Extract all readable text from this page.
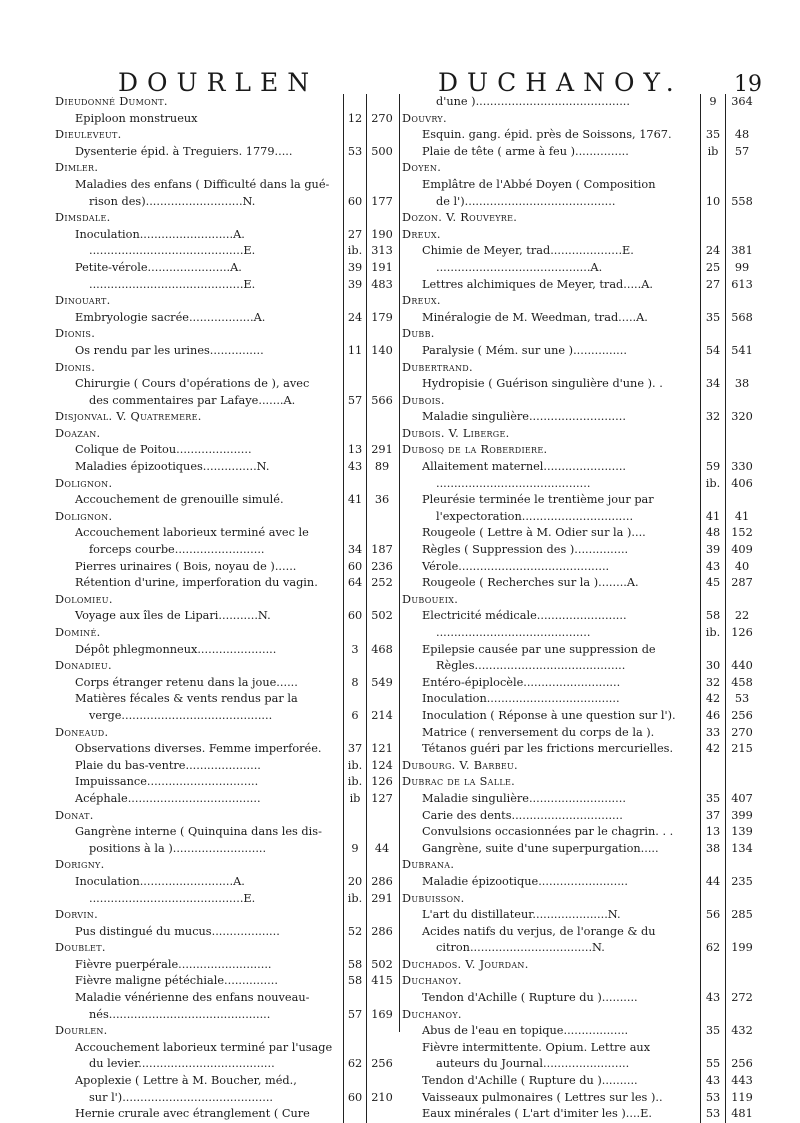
DOURLEN	DUCHANOY. 19
Dieudonné Dumont.
Epiploon monstrueux	12 270
Dieuleveut.
Dysenterie épid. à Treguiers. 1779.....	53 500
Dimler.
Maladies des enfans ( Difficulté dans la gué-
rison des)...........................N.	60 177
Dimsdale.
Inoculation..........................A.	27 190
...........................................E.	ib. 313
Petite-vérole.......................A.	39 191
...........................................E.	39 483
Dinouart.
Embryologie sacrée..................A.	24 179
Dionis.
Os rendu par les urines...............	11 140
Dionis.
Chirurgie ( Cours d'opérations de ), avec
des commentaires par Lafaye.......A.	57 566
Disjonval. V. Quatremere.
Doazan.
Colique de Poitou.....................	13 291
Maladies épizootiques...............N.	43	89
Dolignon.
Accouchement de grenouille simulé.	41	36
Dolignon.
Accouchement laborieux terminé avec le
forceps courbe.........................	34 187
Pierres urinaires ( Bois, noyau de )......	60 236
Rétention d'urine, imperforation du vagin.	64 252
Dolomieu.
Voyage aux îles de Lipari...........N.	60 502
Dominé.
Dépôt phlegmonneux......................	3	468
Donadieu.
Corps étranger retenu dans la joue......	8	549
Matières fécales & vents rendus par la
verge..........................................	6	214
Doneaud.
Observations diverses. Femme imperforée.	37 121
Plaie du bas-ventre.....................	ib. 124
Impuissance...............................	ib. 126
Acéphale.....................................	ib 127
Donat.
Gangrène interne ( Quinquina dans les dis-
positions à la )..........................	9	44
Dorigny.
Inoculation..........................A.	20 286
...........................................E.	ib. 291
Dorvin.
Pus distingué du mucus...................	52 286
Doublet.
Fièvre puerpérale..........................	58 502
Fièvre maligne pétéchiale...............	58 415
Maladie vénérienne des enfans nouveau-
nés.............................................	57 169
Dourlen.
Accouchement laborieux terminé par l'usage
du levier......................................	62 256
Apoplexie ( Lettre à M. Boucher, méd.,
sur l')..........................................	60 210
Hernie crurale avec étranglement ( Cure
d'une )...........................................	9	364
Douvry.
Esquin. gang. épid. près de Soissons, 1767.	35	48
Plaie de tête ( arme à feu )...............	ib	57
Doyen.
Emplâtre de l'Abbé Doyen ( Composition
de l')..........................................	10 558
Dozon. V. Rouveyre.
Dreux.
Chimie de Meyer, trad....................E.	24 381
...........................................A.	25	99
Lettres alchimiques de Meyer, trad.....A.	27 613
Dreux.
Minéralogie de M. Weedman, trad.....A.	35 568
Dubb.
Paralysie ( Mém. sur une )...............	54 541
Dubertrand.
Hydropisie ( Guérison singulière d'une ). .	34	38
Dubois.
Maladie singulière...........................	32 320
Dubois. V. Liberge.
Dubosq de la Roberdiere.
Allaitement maternel.......................	59 330
...........................................	ib. 406
Pleurésie terminée le trentième jour par
l'expectoration...............................	41	41
Rougeole ( Lettre à M. Odier sur la )....	48 152
Règles ( Suppression des )...............	39 409
Vérole..........................................	43	40
Rougeole ( Recherches sur la )........A.	45 287
Duboueix.
Electricité médicale.........................	58	22
...........................................	ib. 126
Epilepsie causée par une suppression de
Règles..........................................	30 440
Entéro-épiplocèle...........................	32 458
Inoculation.....................................	42	53
Inoculation ( Réponse à une question sur l').	46 256
Matrice ( renversement du corps de la ).	33 270
Tétanos guéri par les frictions mercurielles.	42 215
Dubourg. V. Barbeu.
Dubrac de la Salle.
Maladie singulière...........................	35 407
Carie des dents...............................	37 399
Convulsions occasionnées par le chagrin. . .	13 139
Gangrène, suite d'une superpurgation.....	38 134
Dubrana.
Maladie épizootique.........................	44 235
Dubuisson.
L'art du distillateur.....................N.	56 285
Acides natifs du verjus, de l'orange & du
citron..................................N.	62 199
Duchados. V. Jourdan.
Duchanoy.
Tendon d'Achille ( Rupture du )..........	43 272
Duchanoy.
Abus de l'eau en topique..................	35 432
Fièvre intermittente. Opium. Lettre aux
auteurs du Journal........................	55 256
Tendon d'Achille ( Rupture du )..........	43 443
Vaisseaux pulmonaires ( Lettres sur les )..	53 119
Eaux minérales ( L'art d'imiter les )....E.	53 481
